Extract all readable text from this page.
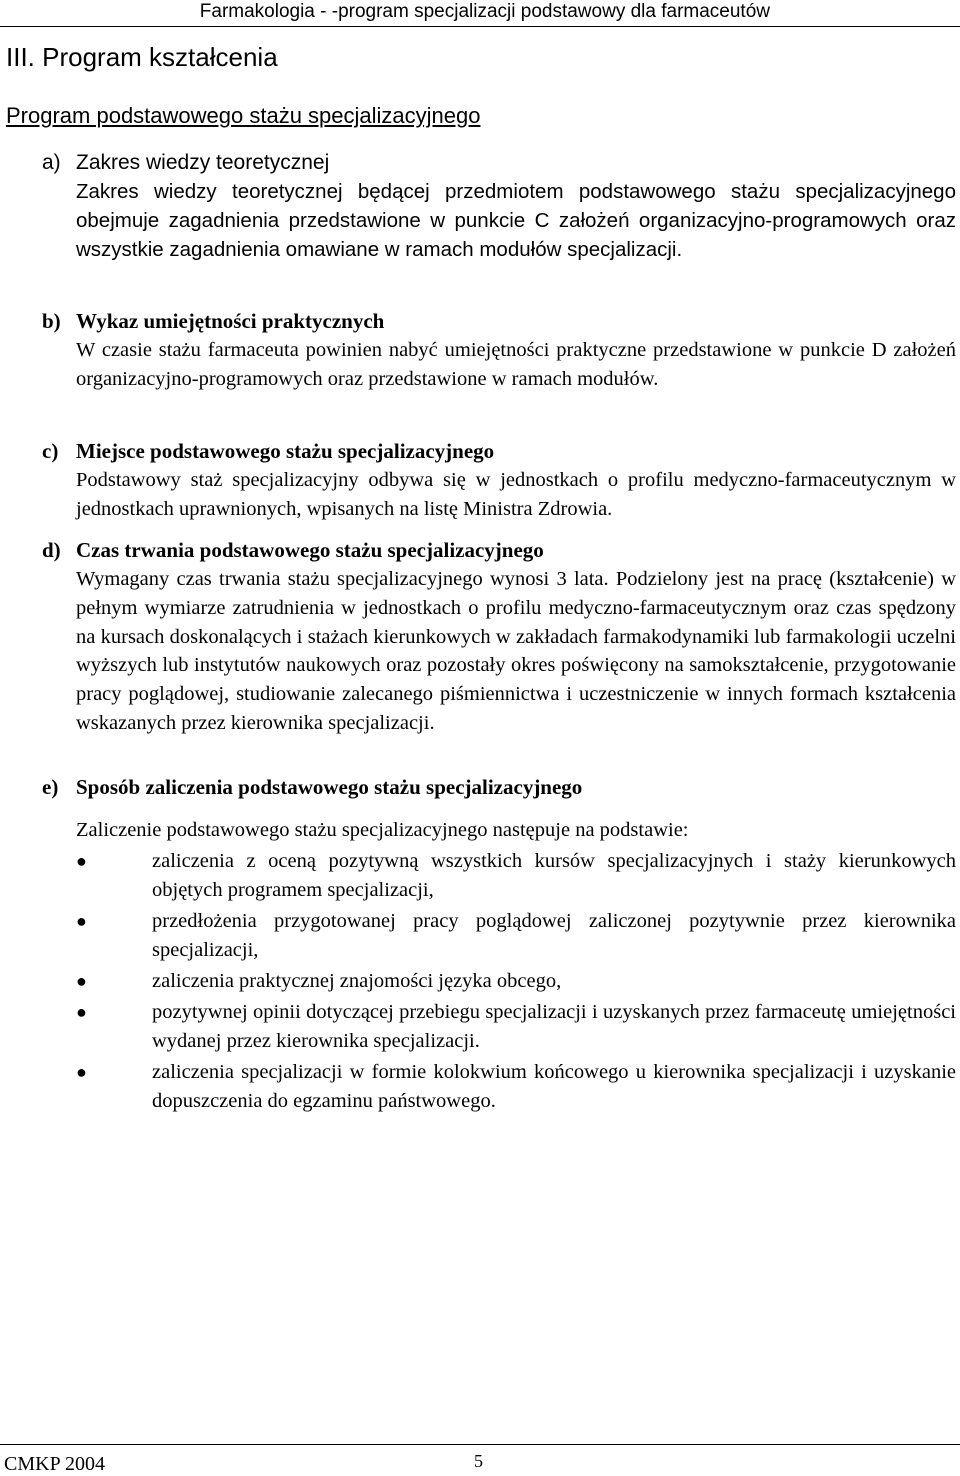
Farmakologia - -program specjalizacji podstawowy dla farmaceutów
III. Program kształcenia
Program podstawowego stażu specjalizacyjnego
a) Zakres wiedzy teoretycznej
Zakres wiedzy teoretycznej będącej przedmiotem podstawowego stażu specjalizacyjnego obejmuje zagadnienia przedstawione w punkcie C założeń organizacyjno-programowych oraz wszystkie zagadnienia omawiane w ramach modułów specjalizacji.
b) Wykaz umiejętności praktycznych
W czasie stażu farmaceuta powinien nabyć umiejętności praktyczne przedstawione w punkcie D założeń organizacyjno-programowych oraz przedstawione w ramach modułów.
c) Miejsce podstawowego stażu specjalizacyjnego
Podstawowy staż specjalizacyjny odbywa się w jednostkach o profilu medyczno-farmaceutycznym w jednostkach uprawnionych, wpisanych na listę Ministra Zdrowia.
d) Czas trwania podstawowego stażu specjalizacyjnego
Wymagany czas trwania stażu specjalizacyjnego wynosi 3 lata. Podzielony jest na pracę (kształcenie) w pełnym wymiarze zatrudnienia w jednostkach o profilu medyczno-farmaceutycznym oraz czas spędzony na kursach doskonalących i stażach kierunkowych w zakładach farmakodynamiki lub farmakologii uczelni wyższych lub instytutów naukowych oraz pozostały okres poświęcony na samokształcenie, przygotowanie pracy poglądowej, studiowanie zalecanego piśmiennictwa i uczestniczenie w innych formach kształcenia wskazanych przez kierownika specjalizacji.
e) Sposób zaliczenia podstawowego stażu specjalizacyjnego
Zaliczenie podstawowego stażu specjalizacyjnego następuje na podstawie:
●	zaliczenia z oceną pozytywną wszystkich kursów specjalizacyjnych i staży kierunkowych objętych programem specjalizacji,
●	przedłożenia przygotowanej pracy poglądowej zaliczonej pozytywnie przez kierownika specjalizacji,
●	zaliczenia praktycznej znajomości języka obcego,
●	pozytywnej opinii dotyczącej przebiegu specjalizacji i uzyskanych przez farmaceutę umiejętności wydanej przez kierownika specjalizacji.
●	zaliczenia specjalizacji w formie kolokwium końcowego u kierownika specjalizacji i uzyskanie dopuszczenia do egzaminu państwowego.
CMKP 2004	5
